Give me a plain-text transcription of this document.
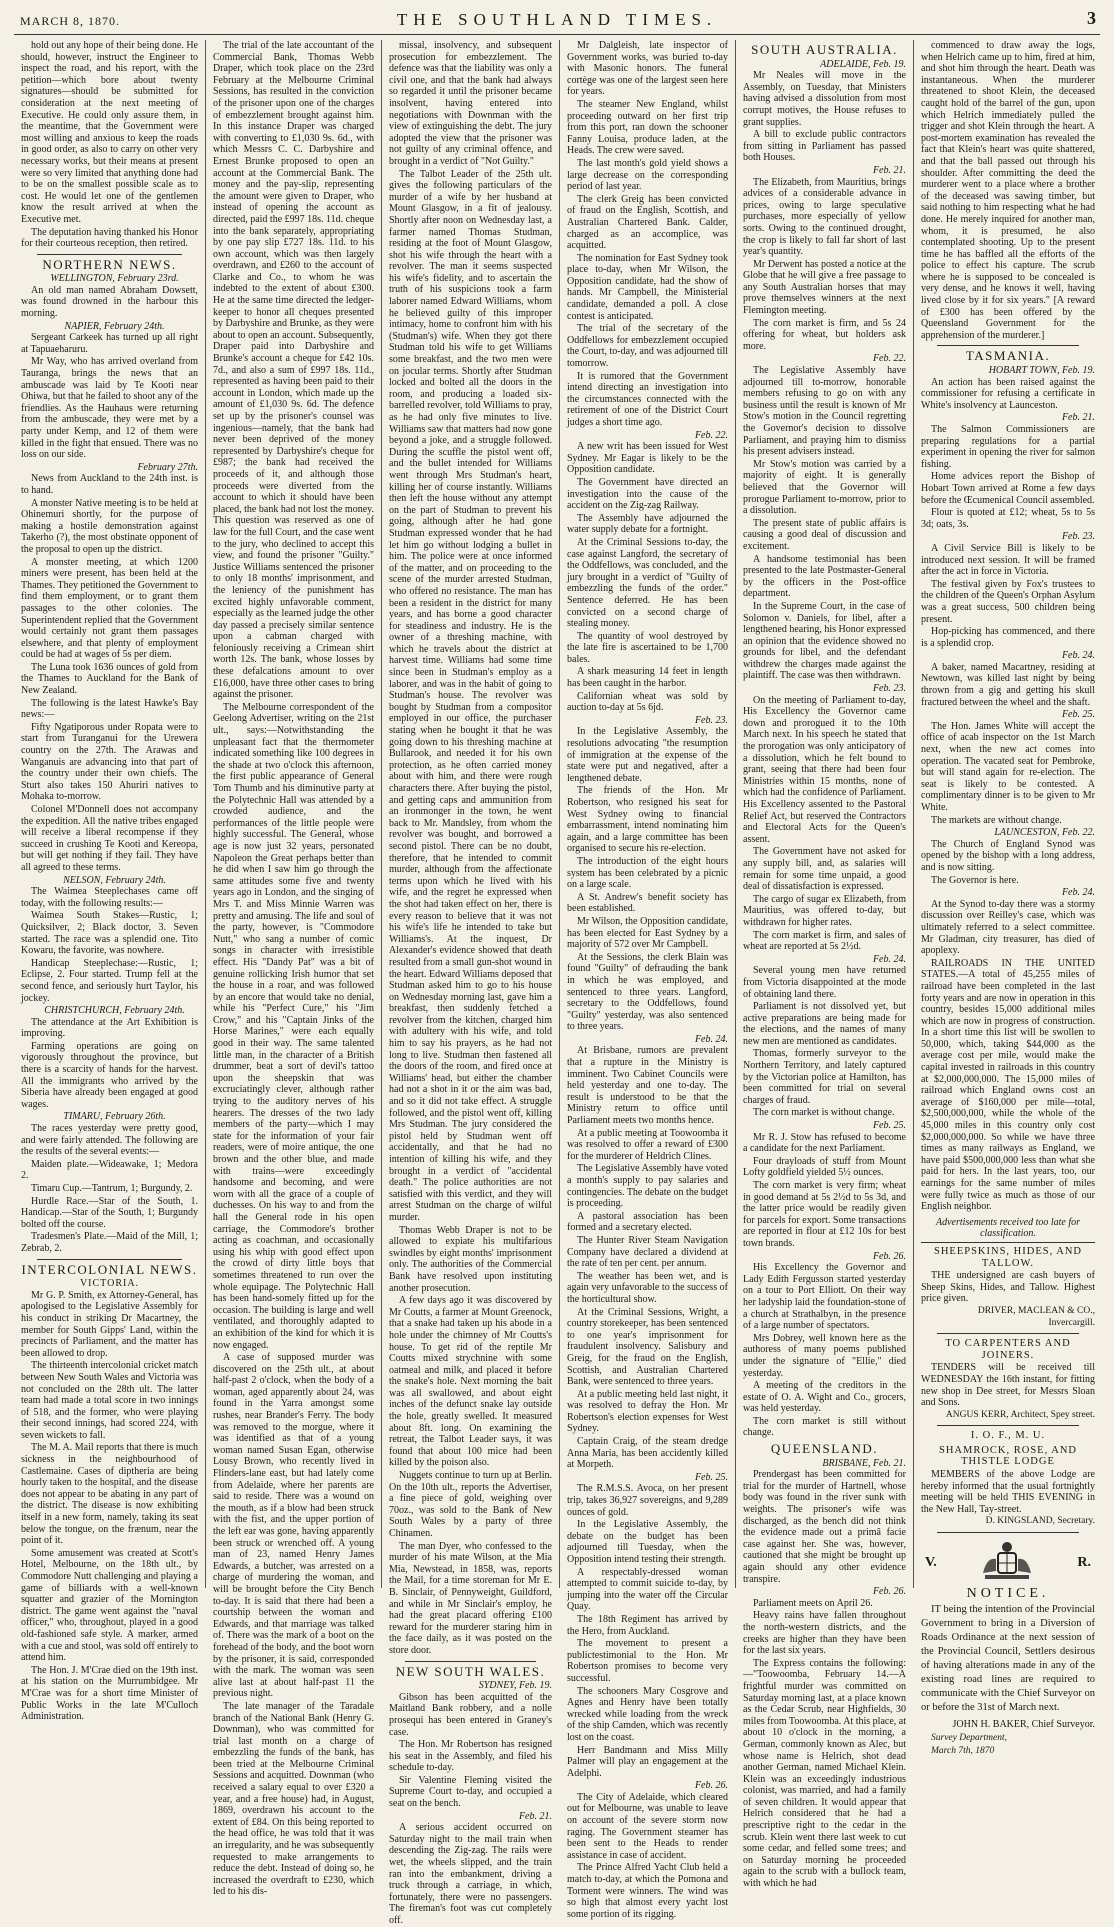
MARCH 8, 1870.	THE SOUTHLAND TIMES.	3

hold out any hope of their being done. He should, however, instruct the Engineer to inspect the road, and his report, with the petition—which bore about twenty signatures—should be submitted for consideration at the next meeting of Executive. He could only assure them, in the meantime, that the Government were most willing and anxious to keep the roads in good order, as also to carry on other very necessary works, but their means at present were so very limited that anything done had to be on the smallest possible scale as to cost. He would let one of the gentlemen know the result arrived at when the Executive met.

The deputation having thanked his Honor for their courteous reception, then retired.

NORTHERN NEWS.

WELLINGTON, February 23rd.

An old man named Abraham Dowsett, was found drowned in the harbour this morning.

NAPIER, February 24th.

Sergeant Carkeek has turned up all right at Tapuaeharuru.

Mr Way, who has arrived overland from Tauranga, brings the news that an ambuscade was laid by Te Kooti near Ohiwa, but that he failed to shoot any of the friendlies. As the Hauhaus were returning from the ambuscade, they were met by a party under Kemp, and 12 of them were killed in the fight that ensued. There was no loss on our side.

February 27th.

News from Auckland to the 24th inst. is to hand.

A monster Native meeting is to be held at Ohinemuri shortly, for the purpose of making a hostile demonstration against Takerho (?), the most obstinate opponent of the proposal to open up the district.

A monster meeting, at which 1200 miners were present, has been held at the Thames. They petitioned the Government to find them employment, or to grant them passages to the other colonies. The Superintendent replied that the Government would certainly not grant them passages elsewhere, and that plenty of employment could be had at wages of 5s per diem.

The Luna took 1636 ounces of gold from the Thames to Auckland for the Bank of New Zealand.

The following is the latest Hawke's Bay news:—

Fifty Ngatiporous under Ropata were to start from Turanganui for the Urewera country on the 27th. The Arawas and Wanganuis are advancing into that part of the country under their own chiefs. The Sturt also takes 150 Ahuriri natives to Mohaka to-morrow.

Colonel M'Donnell does not accompany the expedition. All the native tribes engaged will receive a liberal recompense if they succeed in crushing Te Kooti and Kereopa, but will get nothing if they fail. They have all agreed to these terms.

NELSON, February 24th.

The Waimea Steeplechases came off today, with the following results:—

Waimea South Stakes—Rustic, 1; Quicksilver, 2; Black doctor, 3. Seven started. The race was a splendid one. Tito Kowaru, the favorite, was nowhere.

Handicap Steeplechase:—Rustic, 1; Eclipse, 2. Four started. Trump fell at the second fence, and seriously hurt Taylor, his jockey.

CHRISTCHURCH, February 24th.

The attendance at the Art Exhibition is improving.

Farming operations are going on vigorously throughout the province, but there is a scarcity of hands for the harvest. All the immigrants who arrived by the Siberia have already been engaged at good wages.

TIMARU, February 26th.

The races yesterday were pretty good, and were fairly attended. The following are the results of the several events:—

Maiden plate.—Wideawake, 1; Medora 2.

Timaru Cup.—Tantrum, 1; Burgundy, 2.

Hurdle Race.—Star of the South, 1. Handicap.—Star of the South, 1; Burgundy bolted off the course.

Tradesmen's Plate.—Maid of the Mill, 1; Zebrab, 2.

INTERCOLONIAL NEWS.
VICTORIA.

Mr G. P. Smith, ex Attorney-General, has apologised to the Legislative Assembly for his conduct in striking Dr Macartney, the member for South Gipps' Land, within the precincts of Parliament, and the matter has been allowed to drop.

The thirteenth intercolonial cricket match between New South Wales and Victoria was not concluded on the 28th ult. The latter team had made a total score in two innings of 518, and the former, who were playing their second innings, had scored 224, with seven wickets to fall.

The M. A. Mail reports that there is much sickness in the neighbourhood of Castlemaine. Cases of diptheria are being hourly taken to the hospital, and the disease does not appear to be abating in any part of the district. The disease is now exhibiting itself in a new form, namely, taking its seat below the tongue, on the frænum, near the point of it.

Some amusement was created at Scott's Hotel, Melbourne, on the 18th ult., by Commodore Nutt challenging and playing a game of billiards with a well-known squatter and grazier of the Mornington district. The game went against the "naval officer," who, throughout, played in a good old-fashioned safe style. A marker, armed with a cue and stool, was sold off entirely to attend him.

The Hon. J. M'Crae died on the 19th inst. at his station on the Murrumbidgee. Mr M'Crae was for a short time Minister of Public Works in the late M'Culloch Administration.

The trial of the late accountant of the Commercial Bank, Thomas Webb Draper, which took place on the 23rd February at the Melbourne Criminal Sessions, has resulted in the conviction of the prisoner upon one of the charges of embezzlement brought against him. In this instance Draper was charged with converting to £1,030 9s. 6d., with which Messrs C. C. Darbyshire and Ernest Brunke proposed to open an account at the Commercial Bank. The money and the pay-slip, representing the amount were given to Draper, who instead of opening the account as directed, paid the £997 18s. 11d. cheque into the bank separately, appropriating by one pay slip £727 18s. 11d. to his own account, which was then largely overdrawn, and £260 to the account of Clarke and Co., to whom he was indebted to the extent of about £300. He at the same time directed the ledger-keeper to honor all cheques presented by Darbyshire and Brunke, as they were about to open an account. Subsequently, Draper paid into Darbyshire and Brunke's account a cheque for £42 10s. 7d., and also a sum of £997 18s. 11d., represented as having been paid to their account in London, which made up the amount of £1,030 9s. 6d. The defence set up by the prisoner's counsel was ingenious—namely, that the bank had never been deprived of the money represented by Darbyshire's cheque for £987; the bank had received the proceeds of it, and although those proceeds were diverted from the account to which it should have been placed, the bank had not lost the money. This question was reserved as one of law for the full Court, and the case went to the jury, who declined to accept this view, and found the prisoner "Guilty." Justice Williams sentenced the prisoner to only 18 months' imprisonment, and the leniency of the punishment has excited highly unfavorable comment, especially as the learned judge the other day passed a precisely similar sentence upon a cabman charged with feloniously receiving a Crimean shirt worth 12s. The bank, whose losses by these defalcations amount to over £16,000, have three other cases to bring against the prisoner.

The Melbourne correspondent of the Geelong Advertiser, writing on the 21st ult., says:—Notwithstanding the unpleasant fact that the thermometer indicated something like 100 degrees in the shade at two o'clock this afternoon, the first public appearance of General Tom Thumb and his diminutive party at the Polytechnic Hall was attended by a crowded audience, and the performances of the little people were highly successful. The General, whose age is now just 32 years, personated Napoleon the Great perhaps better than he did when I saw him go through the same attitudes some five and twenty years ago in London, and the singing of Mrs T. and Miss Minnie Warren was pretty and amusing. The life and soul of the party, however, is "Commodore Nutt," who sang a number of comic songs in character with irresistible effect. His "Dandy Pat" was a bit of genuine rollicking Irish humor that set the house in a roar, and was followed by an encore that would take no denial, while his "Perfect Cure," his "Jim Crow," and his "Captain Jinks of the Horse Marines," were each equally good in their way. The same talented little man, in the character of a British drummer, beat a sort of devil's tattoo upon the sheepskin that was excruciatingly clever, although rather trying to the auditory nerves of his hearers. The dresses of the two lady members of the party—which I may state for the information of your fair readers, were of moire antique, the one brown and the other blue, and made with trains—were exceedingly handsome and becoming, and were worn with all the grace of a couple of duchesses. On his way to and from the hall the General rode in his open carriage, the Commodore's brother acting as coachman, and occasionally using his whip with good effect upon the crowd of dirty little boys that sometimes threatened to run over the whole equipage. The Polytechnic Hall has been hand-somely fitted up for the occasion. The building is large and well ventilated, and thoroughly adapted to an exhibition of the kind for which it is now engaged.

A case of supposed murder was discovered on the 25th ult., at about half-past 2 o'clock, when the body of a woman, aged apparently about 24, was found in the Yarra amongst some rushes, near Brander's Ferry. The body was removed to the morgue, where it was identified as that of a young woman named Susan Egan, otherwise Lousy Brown, who recently lived in Flinders-lane east, but had lately come from Adelaide, where her parents are said to reside. There was a wound on the mouth, as if a blow had been struck with the fist, and the upper portion of the left ear was gone, having apparently been struck or wrenched off. A young man of 23, named Henry James Edwards, a butcher, was arrested on a charge of murdering the woman, and will be brought before the City Bench to-day. It is said that there had been a courtship between the woman and Edwards, and that marriage was talked of. There was the mark of a boot on the forehead of the body, and the boot worn by the prisoner, it is said, corresponded with the mark. The woman was seen alive last at about half-past 11 the previous night.

The late manager of the Taradale branch of the National Bank (Henry G. Downman), who was committed for trial last month on a charge of embezzling the funds of the bank, has been tried at the Melbourne Criminal Sessions and acquitted. Downman (who received a salary equal to over £320 a year, and a free house) had, in August, 1869, overdrawn his account to the extent of £84. On this being reported to the head office, he was told that it was an irregularity, and he was subsequently requested to make arrangements to reduce the debt. Instead of doing so, he increased the overdraft to £230, which led to his dis-

missal, insolvency, and subsequent prosecution for embezzlement. The defence was that the liability was only a civil one, and that the bank had always so regarded it until the prisoner became insolvent, having entered into negotiations with Downman with the view of extinguishing the debt. The jury adopted the view that the prisoner was not guilty of any criminal offence, and brought in a verdict of "Not Guilty."

The Talbot Leader of the 25th ult. gives the following particulars of the murder of a wife by her husband at Mount Glasgow, in a fit of jealousy. Shortly after noon on Wednesday last, a farmer named Thomas Studman, residing at the foot of Mount Glasgow, shot his wife through the heart with a revolver. The man it seems suspected his wife's fidelity, and to ascertain the truth of his suspicions took a farm laborer named Edward Williams, whom he believed guilty of this improper intimacy, home to confront him with his (Studman's) wife. When they got there Studman told his wife to get Williams some breakfast, and the two men were on jocular terms. Shortly after Studman locked and bolted all the doors in the room, and producing a loaded six-barrelled revolver, told Williams to pray, as he had only five minutes to live. Williams saw that matters had now gone beyond a joke, and a struggle followed. During the scuffle the pistol went off, and the bullet intended for Williams went through Mrs Studman's heart, killing her of course instantly. Williams then left the house without any attempt on the part of Studman to prevent his going, although after he had gone Studman expressed wonder that he had let him go without lodging a bullet in him. The police were at once informed of the matter, and on proceeding to the scene of the murder arrested Studman, who offered no resistance. The man has been a resident in the district for many years, and has borne a good character for steadiness and industry. He is the owner of a threshing machine, with which he travels about the district at harvest time. Williams had some time since been in Studman's employ as a laborer, and was in the habit of going to Studman's house. The revolver was bought by Studman from a compositor employed in our office, the purchaser stating when he bought it that he was going down to his threshing machine at Bullarook, and needed it for his own protection, as he often carried money about with him, and there were rough characters there. After buying the pistol, and getting caps and ammunition from an ironmonger in the town, he went back to Mr. Mandsley, from whom the revolver was bought, and borrowed a second pistol. There can be no doubt, therefore, that he intended to commit murder, although from the affectionate terms upon which he lived with his wife, and the regret he expressed when the shot had taken effect on her, there is every reason to believe that it was not his wife's life he intended to take but Williams's. At the inquest, Dr Alexander's evidence showed that death resulted from a small gun-shot wound in the heart. Edward Williams deposed that Studman asked him to go to his house on Wednesday morning last, gave him a breakfast, then suddenly fetched a revolver from the kitchen, charged him with adultery with his wife, and told him to say his prayers, as he had not long to live. Studman then fastened all the doors of the room, and fired once at Williams' head, but either the chamber had not a shot in it or the aim was bad, and so it did not take effect. A struggle followed, and the pistol went off, killing Mrs Studman. The jury considered the pistol held by Studman went off accidentally, and that he had no intention of killing his wife, and they brought in a verdict of "accidental death." The police authorities are not satisfied with this verdict, and they will arrest Studman on the charge of wilful murder.

Thomas Webb Draper is not to be allowed to expiate his multifarious swindles by eight months' imprisonment only. The authorities of the Commercial Bank have resolved upon instituting another prosecution.

A few days ago it was discovered by Mr Coutts, a farmer at Mount Greenock, that a snake had taken up his abode in a hole under the chimney of Mr Coutts's house. To get rid of the reptile Mr Coutts mixed strychnine with some oatmeal and milk, and placed it before the snake's hole. Next morning the bait was all swallowed, and about eight inches of the defunct snake lay outside the hole, greatly swelled. It measured about 8ft. long. On examining the retreat, the Talbot Leader says, it was found that about 100 mice had been killed by the poison also.

Nuggets continue to turn up at Berlin. On the 10th ult., reports the Advertiser, a fine piece of gold, weighing over 70oz., was sold to the Bank of New South Wales by a party of three Chinamen.

The man Dyer, who confessed to the murder of his mate Wilson, at the Mia Mia, Newstead, in 1858, was, reports the Mail, for a time storeman for Mr E. B. Sinclair, of Pennyweight, Guildford, and while in Mr Sinclair's employ, he had the great placard offering £100 reward for the murderer staring him in the face daily, as it was posted on the store door.

NEW SOUTH WALES.

SYDNEY, Feb. 19.

Gibson has been acquitted of the Maitland Bank robbery, and a nolle prosequi has been entered in Graney's case.

The Hon. Mr Robertson has resigned his seat in the Assembly, and filed his schedule to-day.

Sir Valentine Fleming visited the Supreme Court to-day, and occupied a seat on the bench.

Feb. 21.

A serious accident occurred on Saturday night to the mail train when descending the Zig-zag. The rails were wet, the wheels slipped, and the train ran into the embankment, driving a truck through a carriage, in which, fortunately, there were no passengers. The fireman's foot was cut completely off.

Mr Dalgleish, late inspector of Government works, was buried to-day with Masonic honors. The funeral cortège was one of the largest seen here for years.

The steamer New England, whilst proceeding outward on her first trip from this port, ran down the schooner Fanny Louisa, produce laden, at the Heads. The crew were saved.

The last month's gold yield shows a large decrease on the corresponding period of last year.

The clerk Greig has been convicted of fraud on the English, Scottish, and Australian Chartered Bank. Calder, charged as an accomplice, was acquitted.

The nomination for East Sydney took place to-day, when Mr Wilson, the Opposition candidate, had the show of hands. Mr Campbell, the Ministerial candidate, demanded a poll. A close contest is anticipated.

The trial of the secretary of the Oddfellows for embezzlement occupied the Court, to-day, and was adjourned till tomorrow.

It is rumored that the Government intend directing an investigation into the circumstances connected with the retirement of one of the District Court judges a short time ago.

Feb. 22.

A new writ has been issued for West Sydney. Mr Eagar is likely to be the Opposition candidate.

The Government have directed an investigation into the cause of the accident on the Zig-zag Railway.

The Assembly have adjourned the water supply debate for a fortnight.

At the Criminal Sessions to-day, the case against Langford, the secretary of the Oddfellows, was concluded, and the jury brought in a verdict of "Guilty of embezzling the funds of the order." Sentence deferred. He has been convicted on a second charge of stealing money.

The quantity of wool destroyed by the late fire is ascertained to be 1,700 bales.

A shark measuring 14 feet in length has been caught in the harbor.

Californian wheat was sold by auction to-day at 5s 6jd.

Feb. 23.

In the Legislative Assembly, the resolutions advocating "the resumption of immigration at the expense of the state were put and negatived, after a lengthened debate.

The friends of the Hon. Mr Robertson, who resigned his seat for West Sydney owing to financial embarrassment, intend nominating him again, and a large committee has been organised to secure his re-election.

The introduction of the eight hours system has been celebrated by a picnic on a large scale.

A St. Andrew's benefit society has been established.

Mr Wilson, the Opposition candidate, has been elected for East Sydney by a majority of 572 over Mr Campbell.

At the Sessions, the clerk Blain was found "Guilty" of defrauding the bank in which he was employed, and sentenced to three years. Langford, secretary to the Oddfellows, found "Guilty" yesterday, was also sentenced to three years.

Feb. 24.

At Brisbane, rumors are prevalent that a rupture in the Ministry is imminent. Two Cabinet Councils were held yesterday and one to-day. The result is understood to be that the Ministry return to office until Parliament meets two months hence.

At a public meeting at Toowoomba it was resolved to offer a reward of £300 for the murderer of Heldrich Clines.

The Legislative Assembly have voted a month's supply to pay salaries and contingencies. The debate on the budget is proceeding.

A pastoral association has been formed and a secretary elected.

The Hunter River Steam Navigation Company have declared a dividend at the rate of ten per cent. per annum.

The weather has been wet, and is again very unfavorable to the success of the horticultural show.

At the Criminal Sessions, Wright, a country storekeeper, has been sentenced to one year's imprisonment for fraudulent insolvency. Salisbury and Greig, for the fraud on the English, Scottish, and Australian Chartered Bank, were sentenced to three years.

At a public meeting held last night, it was resolved to defray the Hon. Mr Robertson's election expenses for West Sydney.

Captain Craig, of the steam dredge Anna Maria, has been accidently killed at Morpeth.

Feb. 25.

The R.M.S.S. Avoca, on her present trip, takes 36,927 sovereigns, and 9,289 ounces of gold.

In the Legislative Assembly, the debate on the budget has been adjourned till Tuesday, when the Opposition intend testing their strength.

A respectably-dressed woman attempted to commit suicide to-day, by jumping into the water off the Circular Quay.

The 18th Regiment has arrived by the Hero, from Auckland.

The movement to present a publictestimonial to the Hon. Mr Robertson promises to become very successful.

The schooners Mary Cosgrove and Agnes and Henry have been totally wrecked while loading from the wreck of the ship Camden, which was recently lost on the coast.

Herr Bandmann and Miss Milly Palmer will play an engagement at the Adelphi.

Feb. 26.

The City of Adelaide, which cleared out for Melbourne, was unable to leave on account of the severe storm now raging. The Government steamer has been sent to the Heads to render assistance in case of accident.

The Prince Alfred Yacht Club held a match to-day, at which the Pomona and Torment were winners. The wind was so high that almost every yacht lost some portion of its rigging.

SOUTH AUSTRALIA.

ADELAIDE, Feb. 19.

Mr Neales will move in the Assembly, on Tuesday, that Ministers having advised a dissolution from most corrupt motives, the House refuses to grant supplies.

A bill to exclude public contractors from sitting in Parliament has passed both Houses.

Feb. 21.

The Elizabeth, from Mauritius, brings advices of a considerable advance in prices, owing to large speculative purchases, more especially of yellow sorts. Owing to the continued drought, the crop is likely to fall far short of last year's quantity.

Mr Derwent has posted a notice at the Globe that he will give a free passage to any South Australian horses that may prove themselves winners at the next Flemington meeting.

The corn market is firm, and 5s 24 offering for wheat, but holders ask more.

Feb. 22.

The Legislative Assembly have adjourned till to-morrow, honorable members refusing to go on with any business until the result is known of Mr Stow's motion in the Council regretting the Governor's decision to dissolve Parliament, and praying him to dismiss his present advisers instead.

Mr Stow's motion was carried by a majority of eight. It is generally believed that the Governor will prorogue Parliament to-morrow, prior to a dissolution.

The present state of public affairs is causing a good deal of discussion and excitement.

A handsome testimonial has been presented to the late Postmaster-General by the officers in the Post-office department.

In the Supreme Court, in the case of Solomon v. Daniels, for libel, after a lengthened hearing, his Honor expressed an opinion that the evidence showed no grounds for libel, and the defendant withdrew the charges made against the plaintiff. The case was then withdrawn.

Feb. 23.

On the meeting of Parliament to-day, His Excellency the Governor came down and prorogued it to the 10th March next. In his speech he stated that the prorogation was only anticipatory of a dissolution, which he felt bound to grant, seeing that there had been four Ministries within 15 months, none of which had the confidence of Parliament. His Excellency assented to the Pastoral Relief Act, but reserved the Contractors and Electoral Acts for the Queen's assent.

The Government have not asked for any supply bill, and, as salaries will remain for some time unpaid, a good deal of dissatisfaction is expressed.

The cargo of sugar ex Elizabeth, from Mauritius, was offered to-day, but withdrawn for higher rates.

The corn market is firm, and sales of wheat are reported at 5s 2½d.

Feb. 24.

Several young men have returned from Victoria disappointed at the mode of obtaining land there.

Parliament is not dissolved yet, but active preparations are being made for the elections, and the names of many new men are mentioned as candidates.

Thomas, formerly surveyor to the Northern Territory, and lately captured by the Victorian police at Hamilton, has been committed for trial on several charges of fraud.

The corn market is without change.

Feb. 25.

Mr R. J. Stow has refused to become a candidate for the next Parliament.

Four drayloads of stuff from Mount Lofty goldfield yielded 5½ ounces.

The corn market is very firm; wheat in good demand at 5s 2½d to 5s 3d, and the latter price would be readily given for parcels for export. Some transactions are reported in flour at £12 10s for best town brands.

Feb. 26.

His Excellency the Governor and Lady Edith Fergusson started yesterday on a tour to Port Elliott. On their way her ladyship laid the foundation-stone of a church at Strathalbyn, in the presence of a large number of spectators.

Mrs Dobrey, well known here as the authoress of many poems published under the signature of "Ellie," died yesterday.

A meeting of the creditors in the estate of O. A. Wight and Co., grocers, was held yesterday.

The corn market is still without change.

QUEENSLAND.

BRISBANE, Feb. 21.

Prendergast has been committed for trial for the murder of Hartnell, whose body was found in the river sunk with weights. The prisoner's wife was discharged, as the bench did not think the evidence made out a primâ facie case against her. She was, however, cautioned that she might be brought up again should any other evidence transpire.

Feb. 26.

Parliament meets on April 26.

Heavy rains have fallen throughout the north-western districts, and the creeks are higher than they have been for the last six years.

The Express contains the following:—"Toowoomba, February 14.—A frightful murder was committed on Saturday morning last, at a place known as the Cedar Scrub, near Highfields, 30 miles from Toowoomba. At this place, at about 10 o'clock in the morning, a German, commonly known as Alec, but whose name is Helrich, shot dead another German, named Michael Klein. Klein was an exceedingly industrious colonist, was married, and had a family of seven children. It would appear that Helrich considered that he had a prescriptive right to the cedar in the scrub. Klein went there last week to cut some cedar, and felled some trees; and on Saturday morning he proceeded again to the scrub with a bullock team, with which he had

commenced to draw away the logs, when Helrich came up to him, fired at him, and shot him through the heart. Death was instantaneous. When the murderer threatened to shoot Klein, the deceased caught hold of the barrel of the gun, upon which Helrich immediately pulled the trigger and shot Klein through the heart. A post-mortem examination has revealed the fact that Klein's heart was quite shattered, and that the ball passed out through his shoulder. After committing the deed the murderer went to a place where a brother of the deceased was sawing timber, but said nothing to him respecting what he had done. He merely inquired for another man, whom, it is presumed, he also contemplated shooting. Up to the present time he has baffled all the efforts of the police to effect his capture. The scrub where he is supposed to be concealed is very dense, and he knows it well, having lived close by it for six years." [A reward of £300 has been offered by the Queensland Government for the apprehension of the murderer.]

TASMANIA.

HOBART TOWN, Feb. 19.

An action has been raised against the commissioner for refusing a certificate in White's insolvency at Launceston.

Feb. 21.

The Salmon Commissioners are preparing regulations for a partial experiment in opening the river for salmon fishing.

Home advices report the Bishop of Hobart Town arrived at Rome a few days before the Œcumenical Council assembled.

Flour is quoted at £12; wheat, 5s to 5s 3d; oats, 3s.

Feb. 23.

A Civil Service Bill is likely to be introduced next session. It will be framed after the act in force in Victoria.

The festival given by Fox's trustees to the children of the Queen's Orphan Asylum was a great success, 500 children being present.

Hop-picking has commenced, and there is a splendid crop.

Feb. 24.

A baker, named Macartney, residing at Newtown, was killed last night by being thrown from a gig and getting his skull fractured between the wheel and the shaft.

Feb. 25.

The Hon. James White will accept the office of acab inspector on the 1st March next, when the new act comes into operation. The vacated seat for Pembroke, but will stand again for re-election. The seat is likely to be contested. A complimentary dinner is to be given to Mr White.

The markets are without change.

LAUNCESTON, Feb. 22.

The Church of England Synod was opened by the bishop with a long address, and is now sitting.

The Governor is here.

Feb. 24.

At the Synod to-day there was a stormy discussion over Reilley's case, which was ultimately referred to a select committee. Mr Gladman, city treasurer, has died of apoplexy.

RAILROADS IN THE UNITED STATES.—A total of 45,255 miles of railroad have been completed in the last forty years and are now in operation in this country, besides 15,000 additional miles which are now in progress of construction. In a short time this list will be swollen to 50,000, which, taking $44,000 as the average cost per mile, would make the capital invested in railroads in this country at $2,000,000,000. The 15,000 miles of railroad which England owns cost an average of $160,000 per mile—total, $2,500,000,000, while the whole of the 45,000 miles in this country only cost $2,000,000,000. So while we have three times as many railways as England, we have paid $500,000,000 less than what she paid for hers. In the last years, too, our earnings for the same number of miles were fully twice as much as those of our English neighbor.

Advertisements received too late for classification.
SHEEPSKINS, HIDES, AND TALLOW.

THE undersigned are cash buyers of Sheep Skins, Hides, and Tallow. Highest price given.

DRIVER, MACLEAN & CO., Invercargill.

TO CARPENTERS AND JOINERS.

TENDERS will be received till WEDNESDAY the 16th instant, for fitting new shop in Dee street, for Messrs Sloan and Sons.

ANGUS KERR, Architect, Spey street.

I. O. F., M. U.
SHAMROCK, ROSE, AND THISTLE LODGE

MEMBERS of the above Lodge are hereby informed that the usual fortnightly meeting will be held THIS EVENING in the New Hall, Tay-street.

D. KINGSLAND, Secretary.

V.	R.
NOTICE.

IT being the intention of the Provincial Government to bring in a Diversion of Roads Ordinance at the next session of the Provincial Council, Settlers desirous of having alterations made in any of the existing road lines are required to communicate with the Chief Surveyor on or before the 31st of March next.

JOHN H. BAKER, Chief Surveyor.

Survey Department,

March 7th, 1870
